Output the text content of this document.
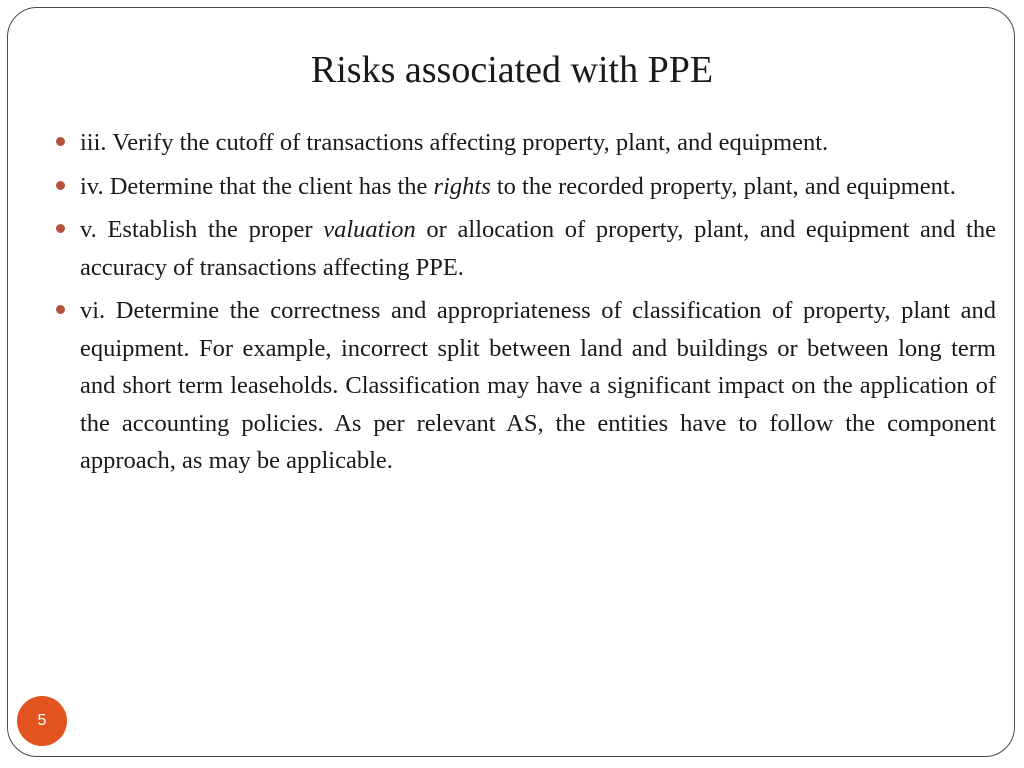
Risks associated with PPE
iii. Verify the cutoff of transactions affecting property, plant, and equipment.
iv. Determine that the client has the rights to the recorded property, plant, and equipment.
v. Establish the proper valuation or allocation of property, plant, and equipment and the accuracy of transactions affecting PPE.
vi. Determine the correctness and appropriateness of classification of property, plant and equipment. For example, incorrect split between land and buildings or between long term and short term leaseholds. Classification may have a significant impact on the application of the accounting policies. As per relevant AS, the entities have to follow the component approach, as may be applicable.
5
